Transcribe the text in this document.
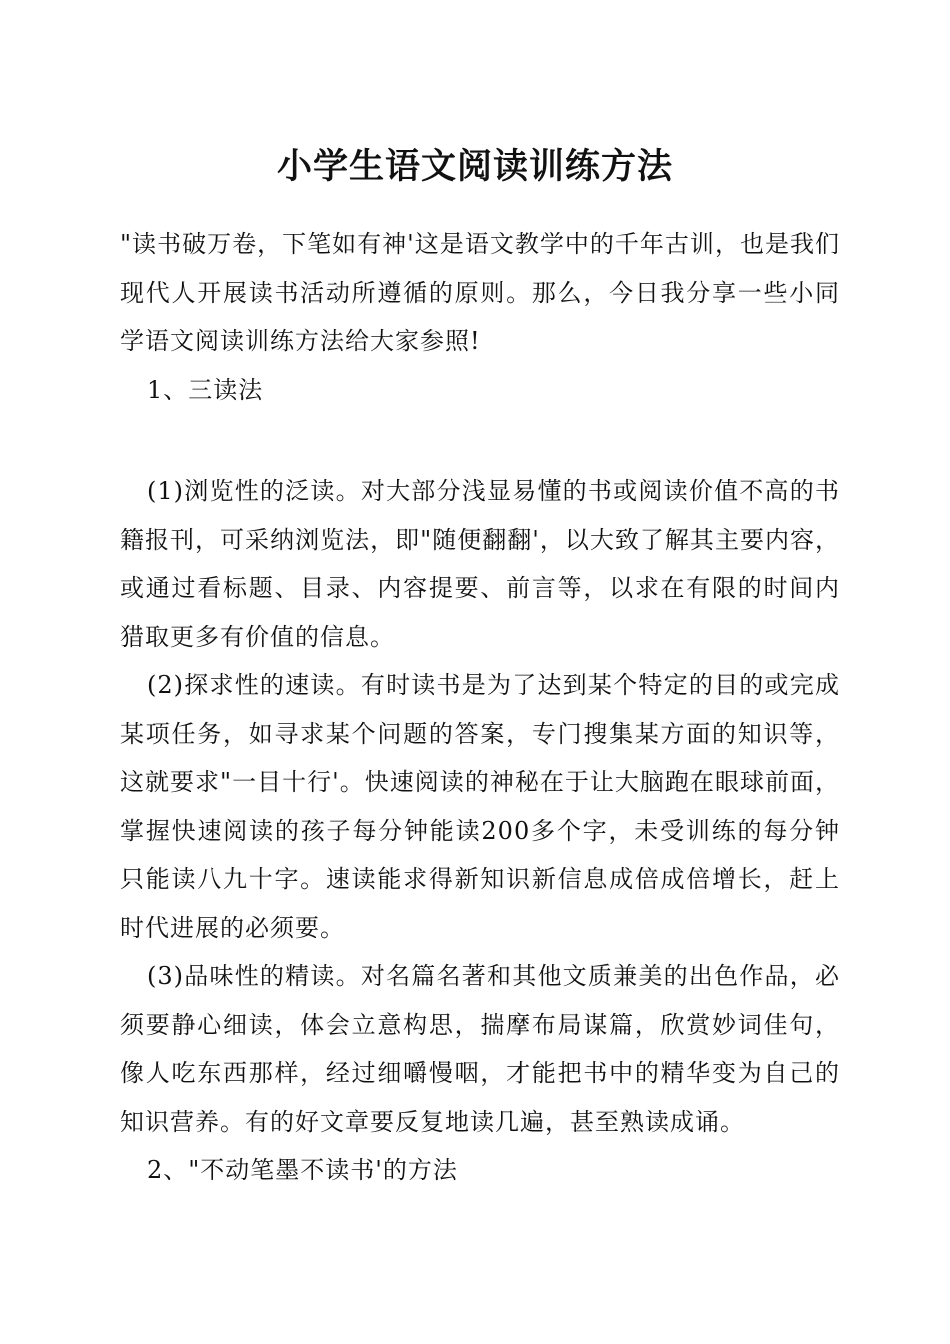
小学生语文阅读训练方法

"读书破万卷，下笔如有神'这是语文教学中的千年古训，也是我们现代人开展读书活动所遵循的原则。那么，今日我分享一些小同学语文阅读训练方法给大家参照!

1、三读法

(1)浏览性的泛读。对大部分浅显易懂的书或阅读价值不高的书籍报刊，可采纳浏览法，即"随便翻翻'，以大致了解其主要内容，或通过看标题、目录、内容提要、前言等，以求在有限的时间内猎取更多有价值的信息。

(2)探求性的速读。有时读书是为了达到某个特定的目的或完成某项任务，如寻求某个问题的答案，专门搜集某方面的知识等，这就要求"一目十行'。快速阅读的神秘在于让大脑跑在眼球前面，掌握快速阅读的孩子每分钟能读200多个字，未受训练的每分钟只能读八九十字。速读能求得新知识新信息成倍成倍增长，赶上时代进展的必须要。

(3)品味性的精读。对名篇名著和其他文质兼美的出色作品，必须要静心细读，体会立意构思，揣摩布局谋篇，欣赏妙词佳句，像人吃东西那样，经过细嚼慢咽，才能把书中的精华变为自己的知识营养。有的好文章要反复地读几遍，甚至熟读成诵。

2、"不动笔墨不读书'的方法
